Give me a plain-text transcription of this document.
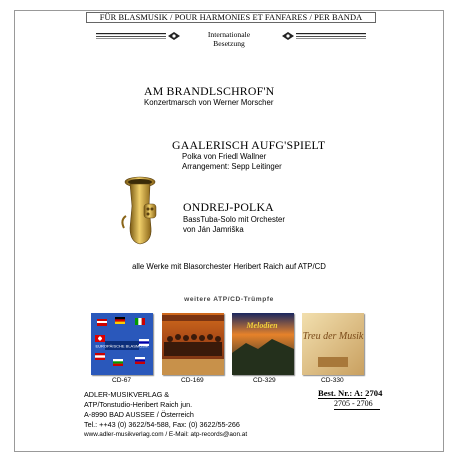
FÜR BLASMUSIK / POUR HARMONIES ET FANFARES / PER BANDA
Internationale
Besetzung
AM BRANDLSCHROF'N
Konzertmarsch von Werner Morscher
GAALERISCH AUFG'SPIELT
Polka von Friedl Wallner
Arrangement: Sepp Leitinger
ONDREJ-POLKA
BassTuba-Solo mit Orchester
von Ján Jamriška
alle Werke mit Blasorchester Heribert Raich auf ATP/CD
weitere ATP/CD-Trümpfe
EUROPÄISCHE BLASMUSIK
CD-67	CD-169
Melodien
CD-329
Treu der Musik
CD-330
ADLER-MUSIKVERLAG &
ATP/Tonstudio-Heribert Raich jun.
A-8990 BAD AUSSEE / Österreich
Tel.: ++43 (0) 3622/54-588, Fax: (0) 3622/55-266
www.adler-musikverlag.com / E-Mail: atp-records@aon.at
Best. Nr.: A: 2704
2705 - 2706
